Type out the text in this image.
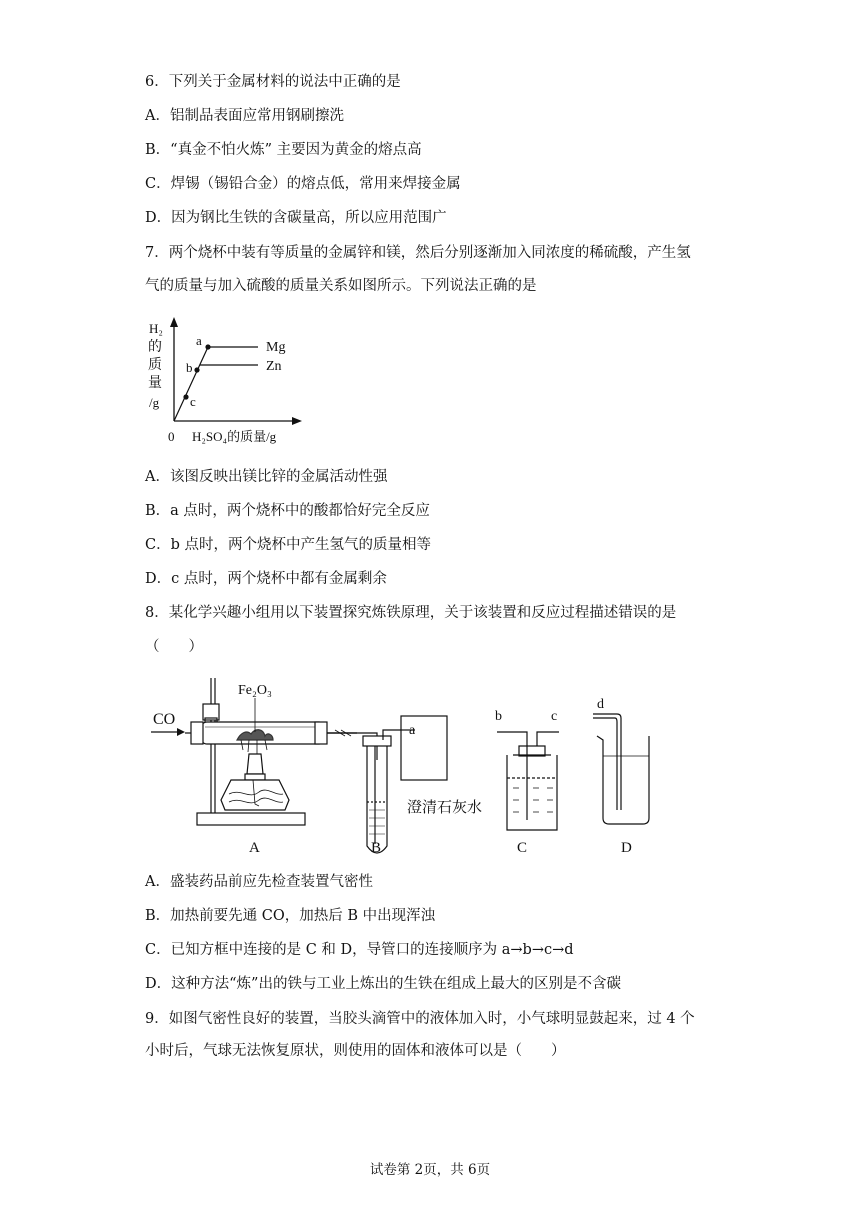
6．下列关于金属材料的说法中正确的是
A．铝制品表面应常用钢刷擦洗
B．“真金不怕火炼” 主要因为黄金的熔点高
C．焊锡（锡铅合金）的熔点低，常用来焊接金属
D．因为钢比生铁的含碳量高，所以应用范围广
7．两个烧杯中装有等质量的金属锌和镁，然后分别逐渐加入同浓度的稀硫酸，产生氢
气的质量与加入硫酸的质量关系如图所示。下列说法正确的是
H₂
的
质
量
/g
a
b
c
Mg
Zn
0 H₂SO₄的质量/g
A．该图反映出镁比锌的金属活动性强
B．a 点时，两个烧杯中的酸都恰好完全反应
C．b 点时，两个烧杯中产生氢气的质量相等
D．c 点时，两个烧杯中都有金属剩余
8．某化学兴趣小组用以下装置探究炼铁原理，关于该装置和反应过程描述错误的是
（　　）
CO
Fe₂O₃
a
澄清石灰水
b	c
d
A	B	C	D
A．盛装药品前应先检查装置气密性
B．加热前要先通 CO，加热后 B 中出现浑浊
C．已知方框中连接的是 C 和 D，导管口的连接顺序为 a→b→c→d
D．这种方法“炼”出的铁与工业上炼出的生铁在组成上最大的区别是不含碳
9．如图气密性良好的装置，当胶头滴管中的液体加入时，小气球明显鼓起来，过 4 个
小时后，气球无法恢复原状，则使用的固体和液体可以是（　　）
试卷第 2页，共 6页
